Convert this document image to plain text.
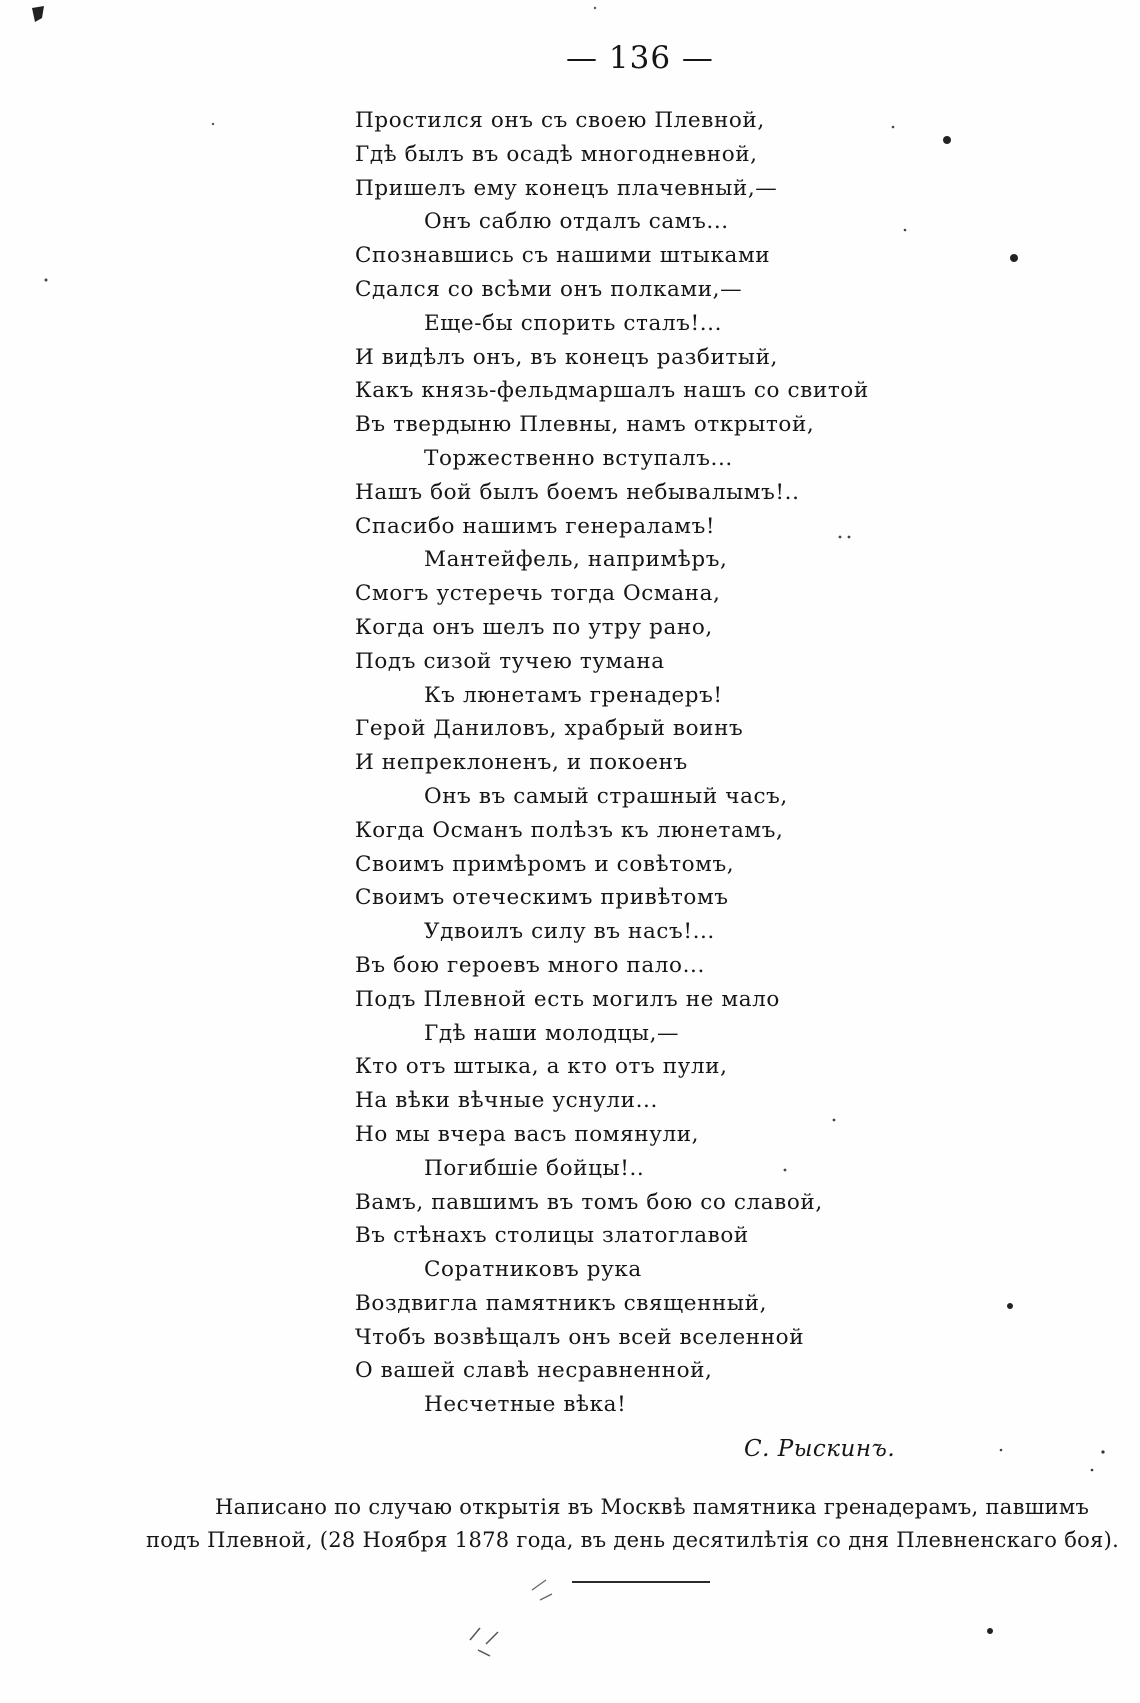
— 136 —
Простился онъ съ своею Плевной,
Гдѣ былъ въ осадѣ многодневной,
Пришелъ ему конецъ плачевный,—
Онъ саблю отдалъ самъ...
Спознавшись съ нашими штыками
Сдался со всѣми онъ полками,—
Еще-бы спорить сталъ!...
И видѣлъ онъ, въ конецъ разбитый,
Какъ князь-фельдмаршалъ нашъ со свитой
Въ твердыню Плевны, намъ открытой,
Торжественно вступалъ...
Нашъ бой былъ боемъ небывалымъ!..
Спасибо нашимъ генераламъ!
Мантейфель, напримѣръ,
Смогъ устеречь тогда Османа,
Когда онъ шелъ по утру рано,
Подъ сизой тучею тумана
Къ люнетамъ гренадеръ!
Герой Даниловъ, храбрый воинъ
И непреклоненъ, и покоенъ
Онъ въ самый страшный часъ,
Когда Османъ полѣзъ къ люнетамъ,
Своимъ примѣромъ и совѣтомъ,
Своимъ отеческимъ привѣтомъ
Удвоилъ силу въ насъ!...
Въ бою героевъ много пало...
Подъ Плевной есть могилъ не мало
Гдѣ наши молодцы,—
Кто отъ штыка, а кто отъ пули,
На вѣки вѣчные уснули...
Но мы вчера васъ помянули,
Погибшіе бойцы!..
Вамъ, павшимъ въ томъ бою со славой,
Въ стѣнахъ столицы златоглавой
Соратниковъ рука
Воздвигла памятникъ священный,
Чтобъ возвѣщалъ онъ всей вселенной
О вашей славѣ несравненной,
Несчетные вѣка!
С. Рыскинъ.
Написано по случаю открытія въ Москвѣ памятника гренадерамъ, павшимъ
подъ Плевной, (28 Ноября 1878 года, въ день десятилѣтія со дня Плевненскаго боя).
